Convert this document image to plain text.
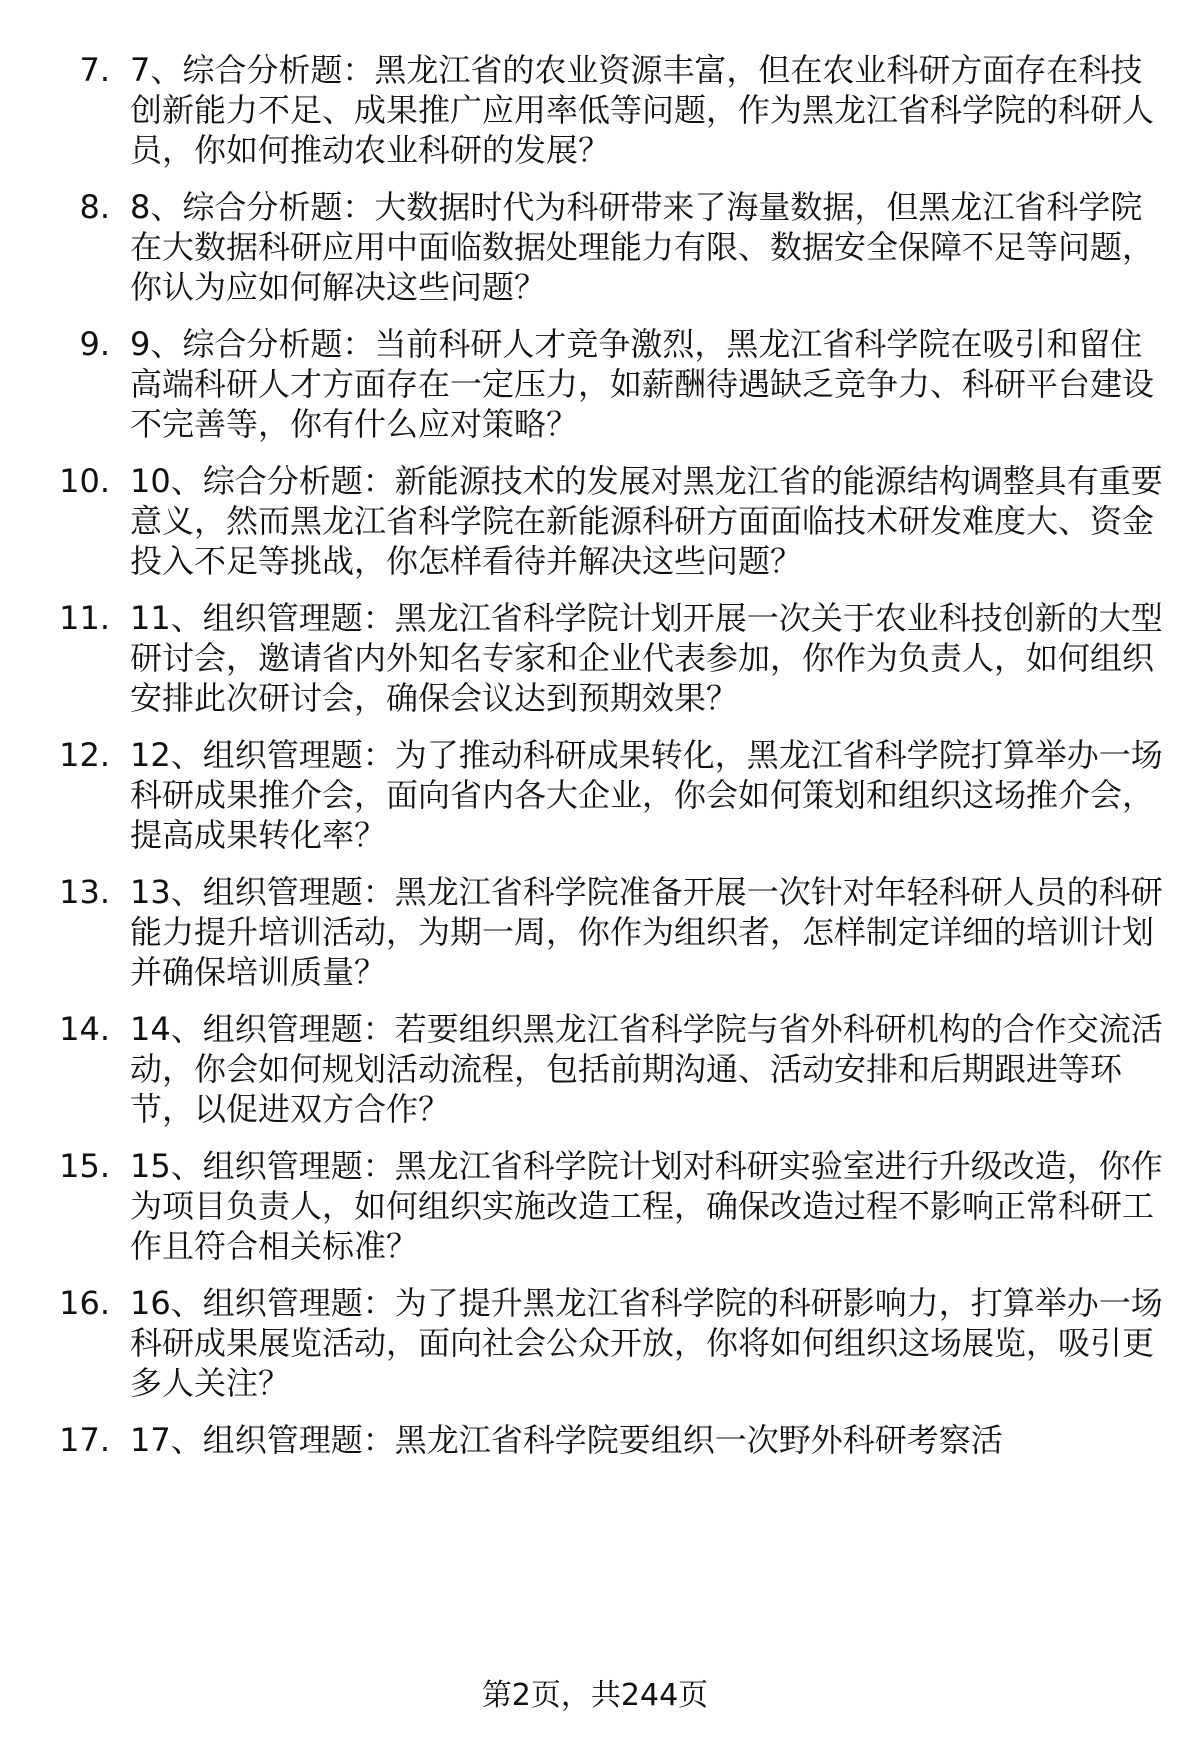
7. 7、综合分析题：黑龙江省的农业资源丰富，但在农业科研方面存在科技创新能力不足、成果推广应用率低等问题，作为黑龙江省科学院的科研人员，你如何推动农业科研的发展？
8. 8、综合分析题：大数据时代为科研带来了海量数据，但黑龙江省科学院在大数据科研应用中面临数据处理能力有限、数据安全保障不足等问题，你认为应如何解决这些问题？
9. 9、综合分析题：当前科研人才竞争激烈，黑龙江省科学院在吸引和留住高端科研人才方面存在一定压力，如薪酬待遇缺乏竞争力、科研平台建设不完善等，你有什么应对策略？
10. 10、综合分析题：新能源技术的发展对黑龙江省的能源结构调整具有重要意义，然而黑龙江省科学院在新能源科研方面面临技术研发难度大、资金投入不足等挑战，你怎样看待并解决这些问题？
11. 11、组织管理题：黑龙江省科学院计划开展一次关于农业科技创新的大型研讨会，邀请省内外知名专家和企业代表参加，你作为负责人，如何组织安排此次研讨会，确保会议达到预期效果？
12. 12、组织管理题：为了推动科研成果转化，黑龙江省科学院打算举办一场科研成果推介会，面向省内各大企业，你会如何策划和组织这场推介会，提高成果转化率？
13. 13、组织管理题：黑龙江省科学院准备开展一次针对年轻科研人员的科研能力提升培训活动，为期一周，你作为组织者，怎样制定详细的培训计划并确保培训质量？
14. 14、组织管理题：若要组织黑龙江省科学院与省外科研机构的合作交流活动，你会如何规划活动流程，包括前期沟通、活动安排和后期跟进等环节，以促进双方合作？
15. 15、组织管理题：黑龙江省科学院计划对科研实验室进行升级改造，你作为项目负责人，如何组织实施改造工程，确保改造过程不影响正常科研工作且符合相关标准？
16. 16、组织管理题：为了提升黑龙江省科学院的科研影响力，打算举办一场科研成果展览活动，面向社会公众开放，你将如何组织这场展览，吸引更多人关注？
17. 17、组织管理题：黑龙江省科学院要组织一次野外科研考察活
第2页，共244页
